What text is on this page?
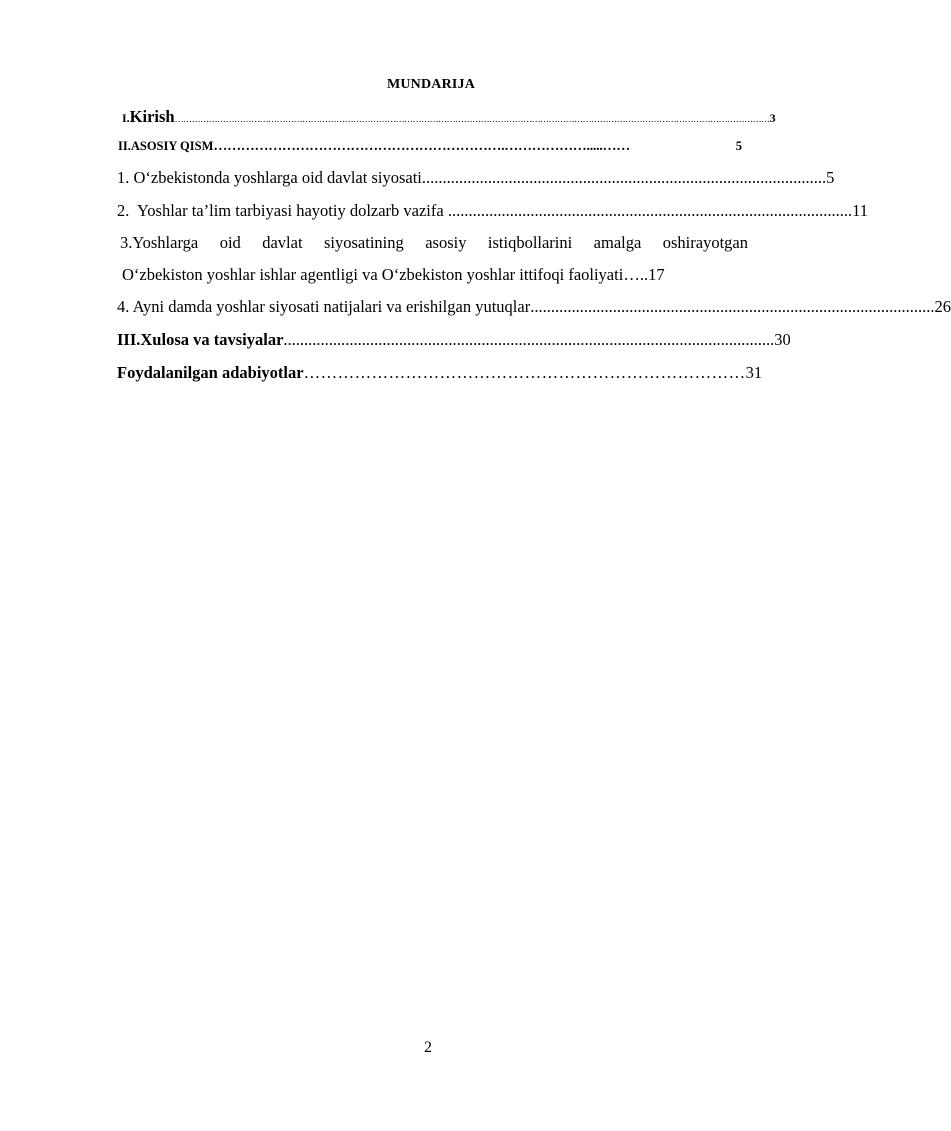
MUNDARIJA
I. Kirish ………………………………………………………………………………………………………………………………………………………………………………………… 3
II.ASOSIY QISM ……………………………………………………….……………….....……	5
1. O‘zbekistonda yoshlarga oid davlat siyosati .................................................................................................. 5
2.  Yoshlar ta’lim tarbiyasi hayotiy dolzarb vazifa .................................................................................................. 11
3.Yoshlarga oid davlat siyosatining asosiy istiqbollarini amalga oshirayotgan
O‘zbekiston yoshlar ishlar agentligi va O‘zbekiston yoshlar ittifoqi faoliyati ….. 17
4. Ayni damda yoshlar siyosati natijalari va erishilgan yutuqlar .................................................................................................. 26
III .Xulosa va tavsiyalar ....................................................................................................................... 30
Foydalanilgan adabiyotlar …………………………………………………………………… 31
2
